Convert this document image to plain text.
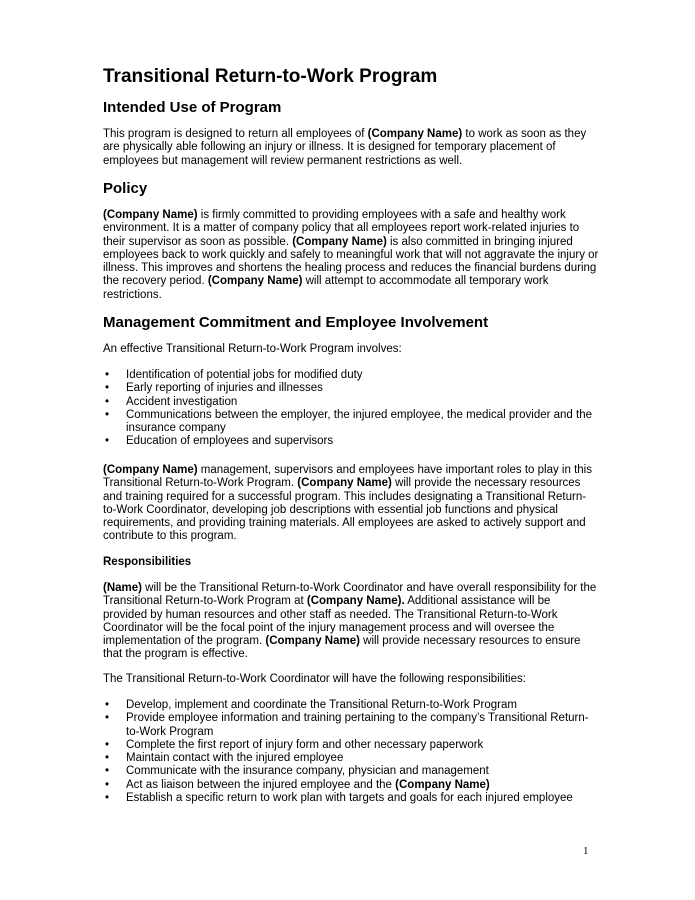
Transitional Return-to-Work Program
Intended Use of Program
This program is designed to return all employees of (Company Name) to work as soon as they
are physically able following an injury or illness. It is designed for temporary placement of
employees but management will review permanent restrictions as well.
Policy
(Company Name) is firmly committed to providing employees with a safe and healthy work
environment. It is a matter of company policy that all employees report work-related injuries to
their supervisor as soon as possible. (Company Name) is also committed in bringing injured
employees back to work quickly and safely to meaningful work that will not aggravate the injury or
illness. This improves and shortens the healing process and reduces the financial burdens during
the recovery period. (Company Name) will attempt to accommodate all temporary work
restrictions.
Management Commitment and Employee Involvement
An effective Transitional Return-to-Work Program involves:
• Identification of potential jobs for modified duty
• Early reporting of injuries and illnesses
• Accident investigation
• Communications between the employer, the injured employee, the medical provider and the
insurance company
• Education of employees and supervisors
(Company Name) management, supervisors and employees have important roles to play in this
Transitional Return-to-Work Program. (Company Name) will provide the necessary resources
and training required for a successful program. This includes designating a Transitional Return-
to-Work Coordinator, developing job descriptions with essential job functions and physical
requirements, and providing training materials. All employees are asked to actively support and
contribute to this program.
Responsibilities
(Name) will be the Transitional Return-to-Work Coordinator and have overall responsibility for the
Transitional Return-to-Work Program at (Company Name). Additional assistance will be
provided by human resources and other staff as needed. The Transitional Return-to-Work
Coordinator will be the focal point of the injury management process and will oversee the
implementation of the program. (Company Name) will provide necessary resources to ensure
that the program is effective.
The Transitional Return-to-Work Coordinator will have the following responsibilities:
• Develop, implement and coordinate the Transitional Return-to-Work Program
• Provide employee information and training pertaining to the company’s Transitional Return-
to-Work Program
• Complete the first report of injury form and other necessary paperwork
• Maintain contact with the injured employee
• Communicate with the insurance company, physician and management
• Act as liaison between the injured employee and the (Company Name)
• Establish a specific return to work plan with targets and goals for each injured employee
1
